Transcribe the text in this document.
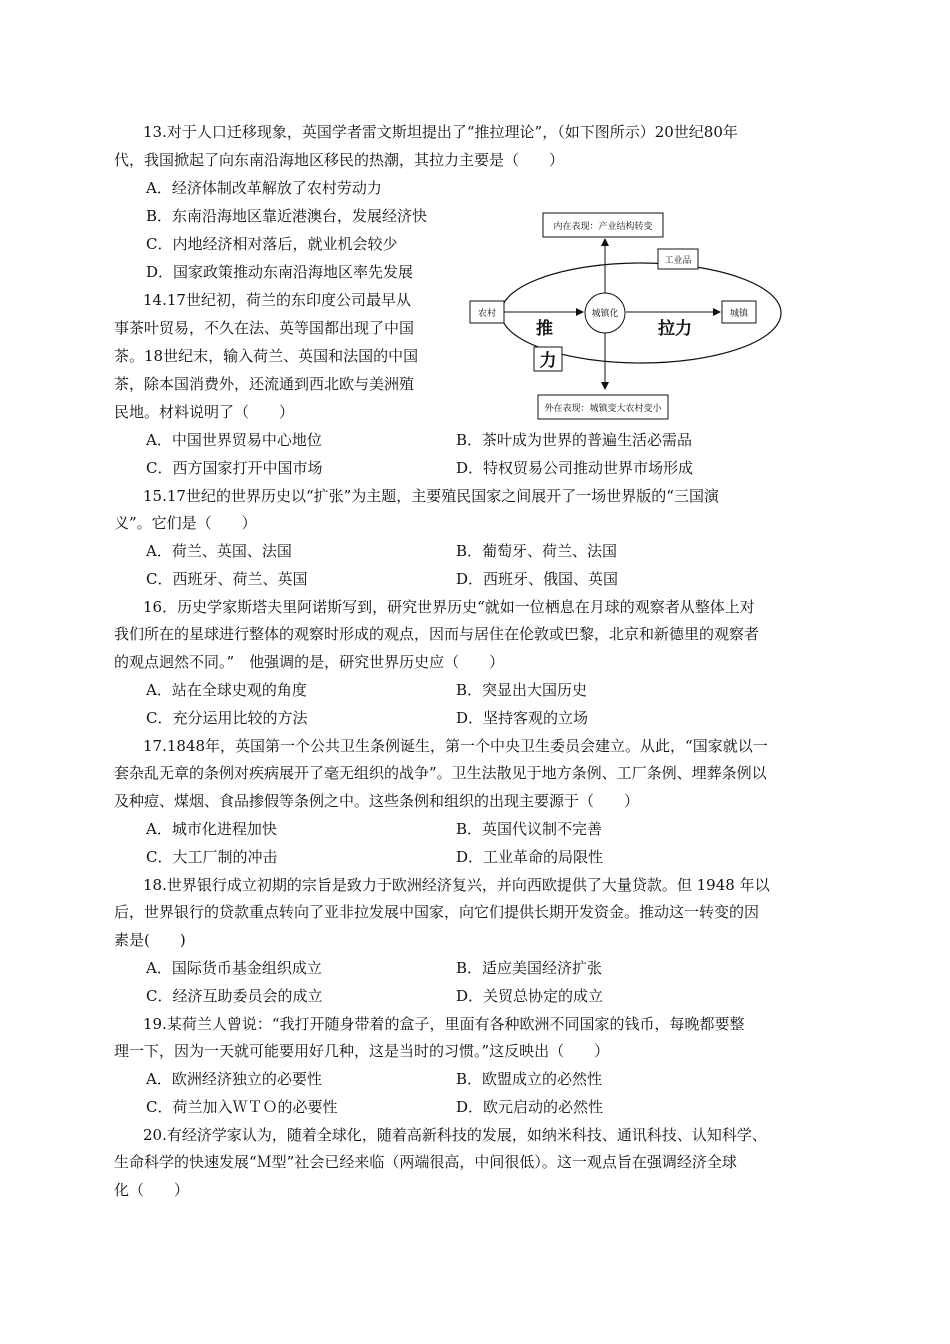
13.对于人口迁移现象，英国学者雷文斯坦提出了“推拉理论”，（如下图所示）20世纪80年
代，我国掀起了向东南沿海地区移民的热潮，其拉力主要是（　　）
A．经济体制改革解放了农村劳动力
B．东南沿海地区靠近港澳台，发展经济快
C．内地经济相对落后，就业机会较少
D．国家政策推动东南沿海地区率先发展
14.17世纪初，荷兰的东印度公司最早从
事茶叶贸易，不久在法、英等国都出现了中国
茶。18世纪末，输入荷兰、英国和法国的中国
茶，除本国消费外，还流通到西北欧与美洲殖
民地。材料说明了（　　）
A．中国世界贸易中心地位	B．茶叶成为世界的普遍生活必需品
C．西方国家打开中国市场	D．特权贸易公司推动世界市场形成
15.17世纪的世界历史以“扩张”为主题，主要殖民国家之间展开了一场世界版的“三国演
义”。它们是（　　）
A．荷兰、英国、法国	B．葡萄牙、荷兰、法国
C．西班牙、荷兰、英国	D．西班牙、俄国、英国
16．历史学家斯塔夫里阿诺斯写到，研究世界历史“就如一位栖息在月球的观察者从整体上对
我们所在的星球进行整体的观察时形成的观点，因而与居住在伦敦或巴黎，北京和新德里的观察者
的观点迥然不同。”　他强调的是，研究世界历史应（　　）
A．站在全球史观的角度	B．突显出大国历史
C．充分运用比较的方法	D．坚持客观的立场
17.1848年，英国第一个公共卫生条例诞生，第一个中央卫生委员会建立。从此，“国家就以一
套杂乱无章的条例对疾病展开了毫无组织的战争”。卫生法散见于地方条例、工厂条例、埋葬条例以
及种痘、煤烟、食品掺假等条例之中。这些条例和组织的出现主要源于（　　）
A．城市化进程加快	B．英国代议制不完善
C．大工厂制的冲击	D．工业革命的局限性
18.世界银行成立初期的宗旨是致力于欧洲经济复兴，并向西欧提供了大量贷款。但 1948 年以
后，世界银行的贷款重点转向了亚非拉发展中国家，向它们提供长期开发资金。推动这一转变的因
素是(　　)
A．国际货币基金组织成立	B．适应美国经济扩张
C．经济互助委员会的成立	D．关贸总协定的成立
19.某荷兰人曾说：“我打开随身带着的盒子，里面有各种欧洲不同国家的钱币，每晚都要整
理一下，因为一天就可能要用好几种，这是当时的习惯。”这反映出（　　）
A．欧洲经济独立的必要性	B．欧盟成立的必然性
C．荷兰加入ＷＴＯ的必要性	D．欧元启动的必然性
20.有经济学家认为，随着全球化，随着高新科技的发展，如纳米科技、通讯科技、认知科学、
生命科学的快速发展“Ｍ型”社会已经来临（两端很高，中间很低）。这一观点旨在强调经济全球
化（　　）
内在表现：产业结构转变
工业品
农村	城镇化	城镇
推	拉力
力
外在表现：城镇变大农村变小
